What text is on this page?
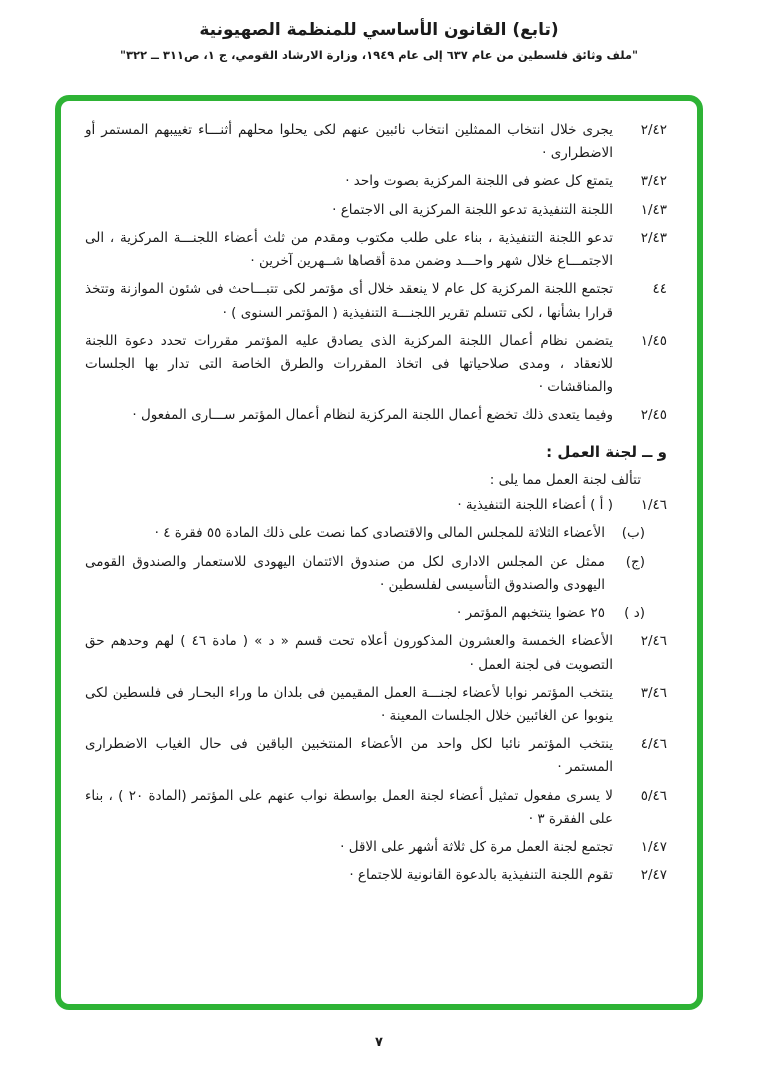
(تابع) القانون الأساسي للمنظمة الصهيونية
"ملف وثائق فلسطين من عام ٦٣٧ إلى عام ١٩٤٩، وزارة الارشاد القومي، ج ١، ص٣١١ ــ ٣٢٢"
٢/٤٢
يجرى خلال انتخاب الممثلين انتخاب نائبين عنهم لكى يحلوا محلهم أثنـــاء تغييبهم المستمر أو الاضطرارى ·
٣/٤٢
يتمتع كل عضو فى اللجنة المركزية بصوت واحد ·
١/٤٣
اللجنة التنفيذية تدعو اللجنة المركزية الى الاجتماع ·
٢/٤٣
تدعو اللجنة التنفيذية ، بناء على طلب مكتوب ومقدم من ثلث أعضاء اللجنـــة المركزية ، الى الاجتمـــاع خلال شهر واحـــد وضمن مدة أقصاها شــهرين آخرين ·
٤٤
تجتمع اللجنة المركزية كل عام لا ينعقد خلال أى مؤتمر لكى تتبـــاحث فى شئون الموازنة وتتخذ قرارا بشأنها ، لكى تتسلم تقرير اللجنـــة التنفيذية ( المؤتمر السنوى ) ·
١/٤٥
يتضمن نظام أعمال اللجنة المركزية الذى يصادق عليه المؤتمر مقررات تحدد دعوة اللجنة للانعقاد ، ومدى صلاحياتها فى اتخاذ المقررات والطرق الخاصة التى تدار بها الجلسات والمناقشات ·
٢/٤٥
وفيما يتعدى ذلك تخضع أعمال اللجنة المركزية لنظام أعمال المؤتمر ســـارى المفعول ·
و ــ لجنة العمل :
تتألف لجنة العمل مما يلى :
١/٤٦
( أ ) أعضاء اللجنة التنفيذية ·
(ب)
الأعضاء الثلاثة للمجلس المالى والاقتصادى كما نصت على ذلك المادة ٥٥ فقرة ٤ ·
(ج)
ممثل عن المجلس الادارى لكل من صندوق الائتمان اليهودى للاستعمار والصندوق القومى اليهودى والصندوق التأسيسى لفلسطين ·
(د )
٢٥ عضوا ينتخبهم المؤتمر ·
٢/٤٦
الأعضاء الخمسة والعشرون المذكورون أعلاه تحت قسم « د » ( مادة ٤٦ ) لهم وحدهم حق التصويت فى لجنة العمل ·
٣/٤٦
ينتخب المؤتمر نوابا لأعضاء لجنـــة العمل المقيمين فى بلدان ما وراء البحـار فى فلسطين لكى ينوبوا عن الغائبين خلال الجلسات المعينة ·
٤/٤٦
ينتخب المؤتمر نائبا لكل واحد من الأعضاء المنتخبين الباقين فى حال الغياب الاضطرارى المستمر ·
٥/٤٦
لا يسرى مفعول تمثيل أعضاء لجنة العمل بواسطة نواب عنهم على المؤتمر (المادة ٢٠ ) ، بناء على الفقرة ٣ ·
١/٤٧
تجتمع لجنة العمل مرة كل ثلاثة أشهر على الاقل ·
٢/٤٧
تقوم اللجنة التنفيذية بالدعوة القانونية للاجتماع ·
٧
